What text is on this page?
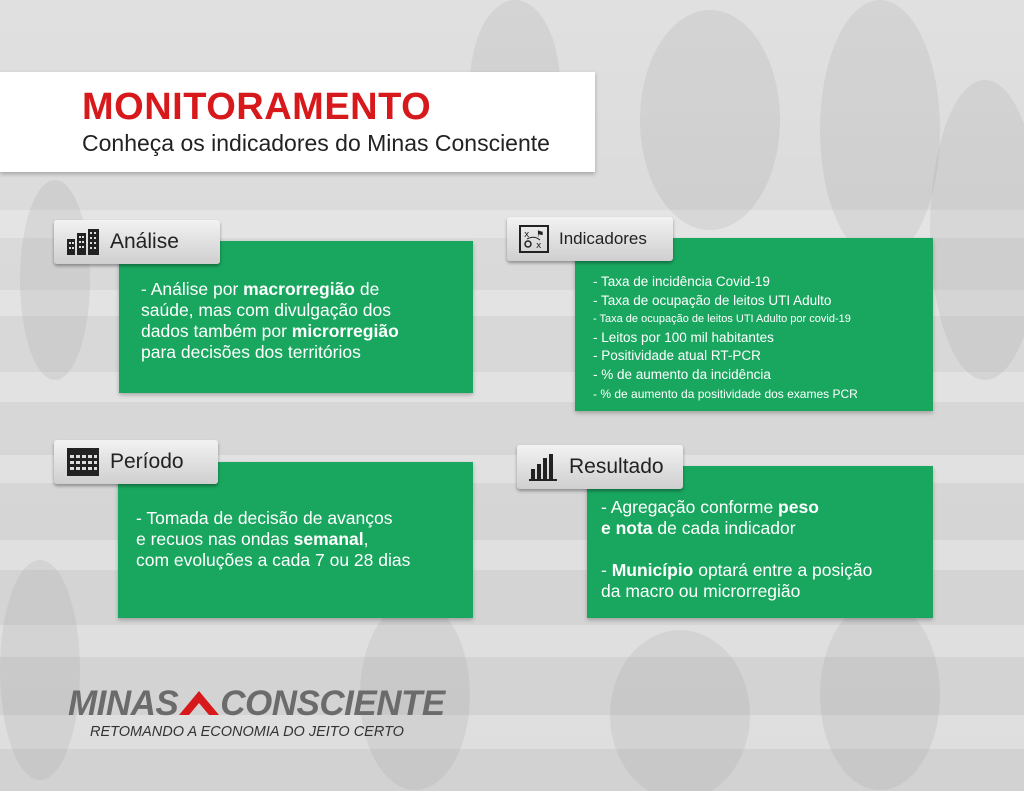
MONITORAMENTO
Conheça os indicadores do Minas Consciente
- Análise por macrorregião de
saúde, mas com divulgação dos
dados também por microrregião
para decisões dos territórios
Análise
- Taxa de incidência Covid-19
- Taxa de ocupação de leitos UTI Adulto
- Taxa de ocupação de leitos UTI Adulto por covid-19
- Leitos por 100 mil habitantes
- Positividade atual RT-PCR
- % de aumento da incidência
- % de aumento da positividade dos exames PCR
x ⚑
x Indicadores
- Tomada de decisão de avanços
e recuos nas ondas semanal,
com evoluções a cada 7 ou 28 dias
Período
- Agregação conforme peso
e nota de cada indicador
- Município optará entre a posição
da macro ou microrregião
Resultado
MINAS CONSCIENTE
RETOMANDO A ECONOMIA DO JEITO CERTO
